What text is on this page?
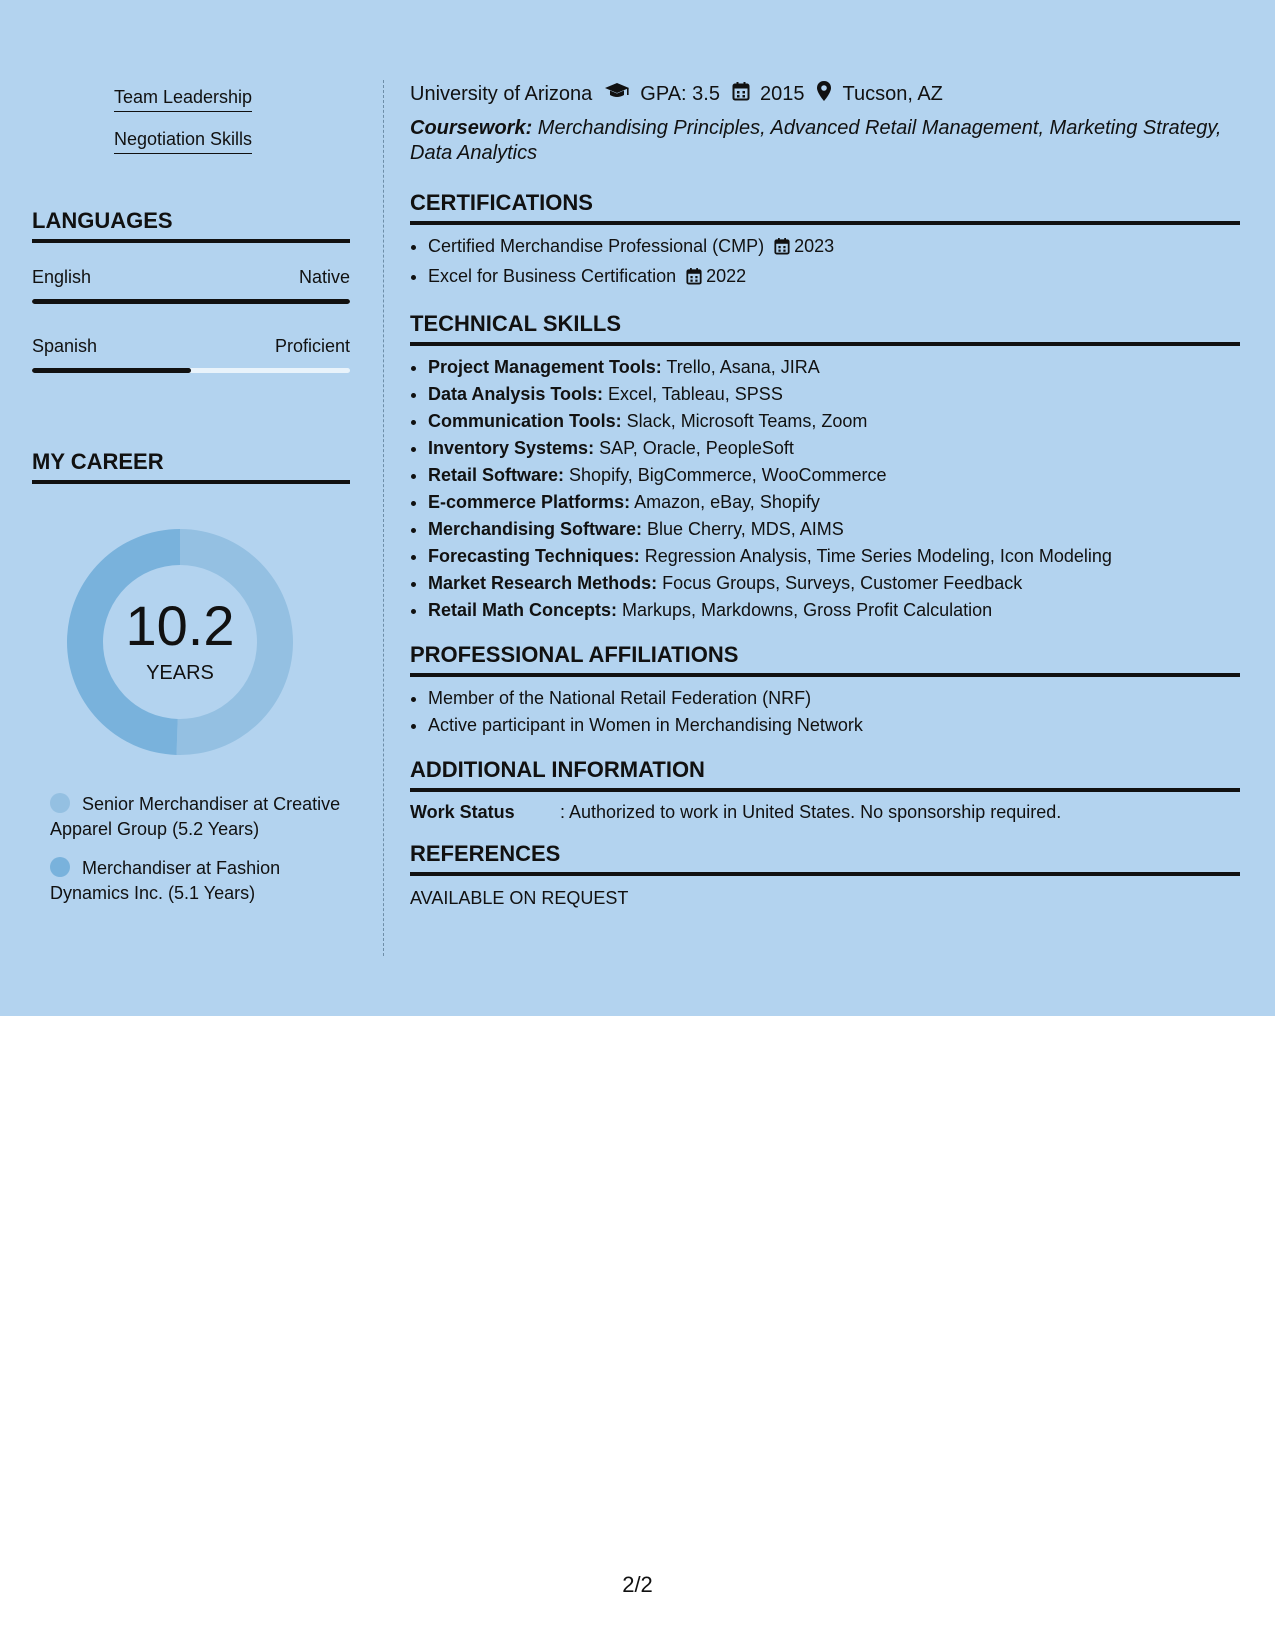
Team Leadership
Negotiation Skills
LANGUAGES
English	Native
Spanish	Proficient
MY CAREER
10.2
YEARS
Senior Merchandiser at Creative Apparel Group (5.2 Years)
Merchandiser at Fashion Dynamics Inc. (5.1 Years)
University of Arizona GPA: 3.5 2015 Tucson, AZ
Coursework: Merchandising Principles, Advanced Retail Management, Marketing Strategy, Data Analytics
CERTIFICATIONS
• Certified Merchandise Professional (CMP) 2023
• Excel for Business Certification 2022
TECHNICAL SKILLS
• Project Management Tools: Trello, Asana, JIRA
• Data Analysis Tools: Excel, Tableau, SPSS
• Communication Tools: Slack, Microsoft Teams, Zoom
• Inventory Systems: SAP, Oracle, PeopleSoft
• Retail Software: Shopify, BigCommerce, WooCommerce
• E-commerce Platforms: Amazon, eBay, Shopify
• Merchandising Software: Blue Cherry, MDS, AIMS
• Forecasting Techniques: Regression Analysis, Time Series Modeling, Icon Modeling
• Market Research Methods: Focus Groups, Surveys, Customer Feedback
• Retail Math Concepts: Markups, Markdowns, Gross Profit Calculation
PROFESSIONAL AFFILIATIONS
• Member of the National Retail Federation (NRF)
• Active participant in Women in Merchandising Network
ADDITIONAL INFORMATION
Work Status	: Authorized to work in United States. No sponsorship required.
REFERENCES
AVAILABLE ON REQUEST
2/2
